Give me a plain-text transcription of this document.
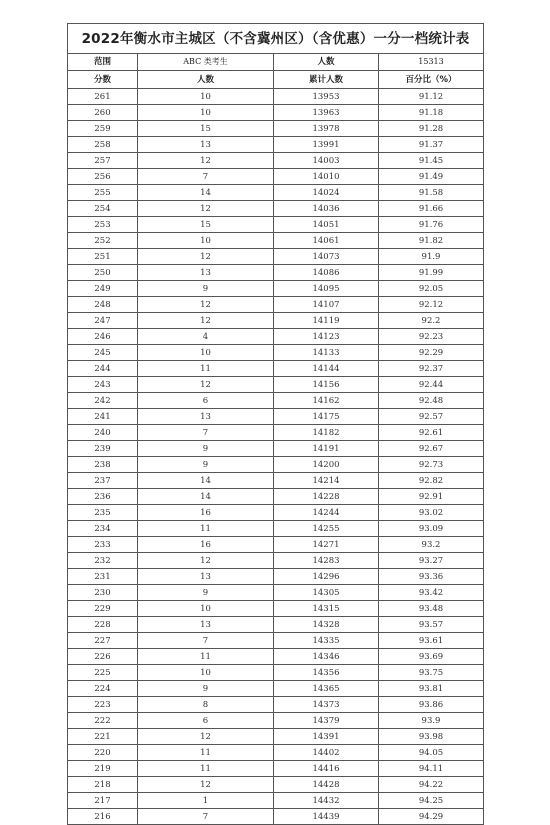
2022年衡水市主城区（不含冀州区）（含优惠）一分一档统计表			
范围	ABC 类考生	人数	15313
分数	人数	累计人数	百分比（%）
261	10	13953	91.12
260	10	13963	91.18
259	15	13978	91.28
258	13	13991	91.37
257	12	14003	91.45
256	7	14010	91.49
255	14	14024	91.58
254	12	14036	91.66
253	15	14051	91.76
252	10	14061	91.82
251	12	14073	91.9
250	13	14086	91.99
249	9	14095	92.05
248	12	14107	92.12
247	12	14119	92.2
246	4	14123	92.23
245	10	14133	92.29
244	11	14144	92.37
243	12	14156	92.44
242	6	14162	92.48
241	13	14175	92.57
240	7	14182	92.61
239	9	14191	92.67
238	9	14200	92.73
237	14	14214	92.82
236	14	14228	92.91
235	16	14244	93.02
234	11	14255	93.09
233	16	14271	93.2
232	12	14283	93.27
231	13	14296	93.36
230	9	14305	93.42
229	10	14315	93.48
228	13	14328	93.57
227	7	14335	93.61
226	11	14346	93.69
225	10	14356	93.75
224	9	14365	93.81
223	8	14373	93.86
222	6	14379	93.9
221	12	14391	93.98
220	11	14402	94.05
219	11	14416	94.11
218	12	14428	94.22
217	1	14432	94.25
216	7	14439	94.29
